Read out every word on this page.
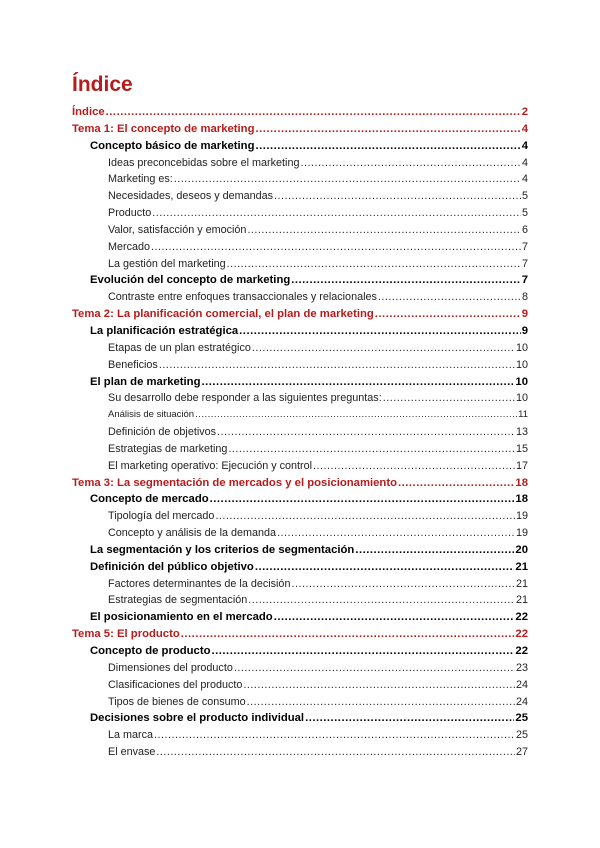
Índice
Índice .....	2
Tema 1: El concepto de marketing .....	4
Concepto básico de marketing .....	4
Ideas preconcebidas sobre el marketing .....	4
Marketing es: .....	4
Necesidades, deseos y demandas .....	5
Producto .....	5
Valor, satisfacción y emoción .....	6
Mercado .....	7
La gestión del marketing .....	7
Evolución del concepto de marketing .....	7
Contraste entre enfoques transaccionales y relacionales .....	8
Tema 2: La planificación comercial, el plan de marketing .....	9
La planificación estratégica .....	9
Etapas de un plan estratégico .....	10
Beneficios .....	10
El plan de marketing .....	10
Su desarrollo debe responder a las siguientes preguntas: .....	10
Análisis de situación .....	11
Definición de objetivos .....	13
Estrategias de marketing .....	15
El marketing operativo: Ejecución y control .....	17
Tema 3: La segmentación de mercados y el posicionamiento .....	18
Concepto de mercado .....	18
Tipología del mercado .....	19
Concepto y análisis de la demanda .....	19
La segmentación y los criterios de segmentación .....	20
Definición del público objetivo .....	21
Factores determinantes de la decisión .....	21
Estrategias de segmentación .....	21
El posicionamiento en el mercado .....	22
Tema 5: El producto .....	22
Concepto de producto .....	22
Dimensiones del producto .....	23
Clasificaciones del producto .....	24
Tipos de bienes de consumo .....	24
Decisiones sobre el producto individual .....	25
La marca .....	25
El envase .....	27
